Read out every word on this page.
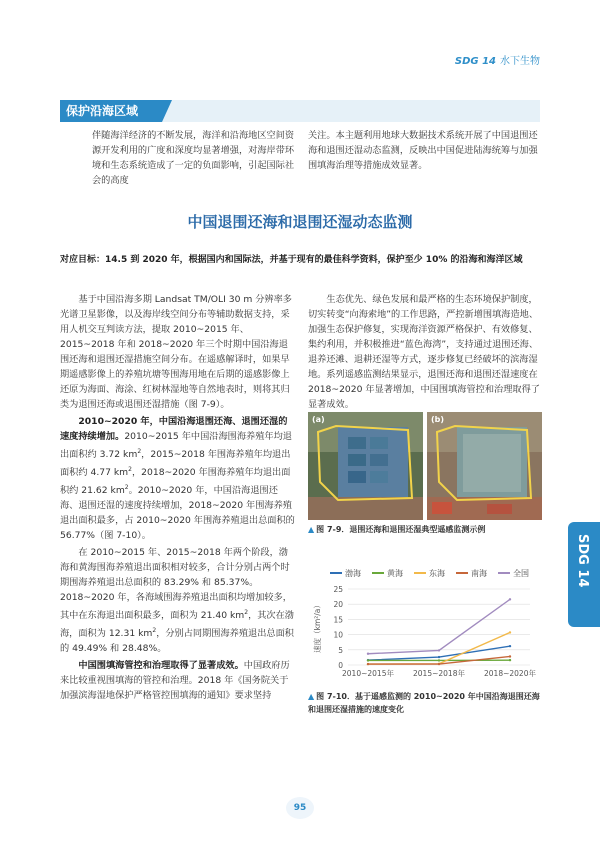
SDG 14 水下生物
保护沿海区域
伴随海洋经济的不断发展，海洋和沿海地区空间资源开发利用的广度和深度均显著增强，对海岸带环境和生态系统造成了一定的负面影响，引起国际社会的高度
关注。本主题利用地球大数据技术系统开展了中国退围还海和退围还湿动态监测，反映出中国促进陆海统筹与加强围填海治理等措施成效显著。
中国退围还海和退围还湿动态监测
对应目标：14.5 到 2020 年，根据国内和国际法，并基于现有的最佳科学资料，保护至少 10% 的沿海和海洋区域

基于中国沿海多期 Landsat TM/OLI 30 m 分辨率多光谱卫星影像，以及海岸线空间分布等辅助数据支持，采用人机交互判读方法，提取 2010~2015 年、2015~2018 年和 2018~2020 年三个时期中国沿海退围还海和退围还湿措施空间分布。在遥感解译时，如果早期遥感影像上的养殖坑塘等围海用地在后期的遥感影像上还原为海面、海涂、红树林湿地等自然地表时，则将其归类为退围还海或退围还湿措施（图 7-9）。

2010~2020 年，中国沿海退围还海、退围还湿的速度持续增加。2010~2015 年中国沿海围海养殖年均退出面积约 3.72 $km^2$，2015~2018 年围海养殖年均退出面积约 4.77 $km^2$，2018~2020 年围海养殖年均退出面积约 21.62 $km^2$。2010~2020 年，中国沿海退围还海、退围还湿的速度持续增加，2018~2020 年围海养殖退出面积最多，占 2010~2020 年围海养殖退出总面积的 56.77%（图 7-10）。

在 2010~2015 年、2015~2018 年两个阶段，渤海和黄海围海养殖退出面积相对较多，合计分别占两个时期围海养殖退出总面积的 83.29% 和 85.37%。2018~2020 年，各海域围海养殖退出面积均增加较多，其中在东海退出面积最多，面积为 21.40 $km^2$，其次在渤海，面积为 12.31 $km^2$，分别占同期围海养殖退出总面积的 49.49% 和 28.48%。

中国围填海管控和治理取得了显著成效。中国政府历来比较重视围填海的管控和治理。2018 年《国务院关于加强滨海湿地保护严格管控围填海的通知》要求坚持

生态优先、绿色发展和最严格的生态环境保护制度，切实转变“向海索地”的工作思路，严控新增围填海造地、加强生态保护修复，实现海洋资源严格保护、有效修复、集约利用，并积极推进“蓝色海湾”，支持通过退围还海、退养还滩、退耕还湿等方式，逐步修复已经破坏的滨海湿地。系列遥感监测结果显示，退围还海和退围还湿速度在 2018~2020 年显著增加，中国围填海管控和治理取得了显著成效。

(a)	(b)
▲ 图 7-9．退围还海和退围还湿典型遥感监测示例
渤海	黄海	东海	南海	全国
0
5
10
15
20
25
速度（km²/a）
2010~2015年	2015~2018年	2018~2020年
▲ 图 7-10．基于遥感监测的 2010~2020 年中国沿海退围还海和退围还湿措施的速度变化
SDG 14
95
